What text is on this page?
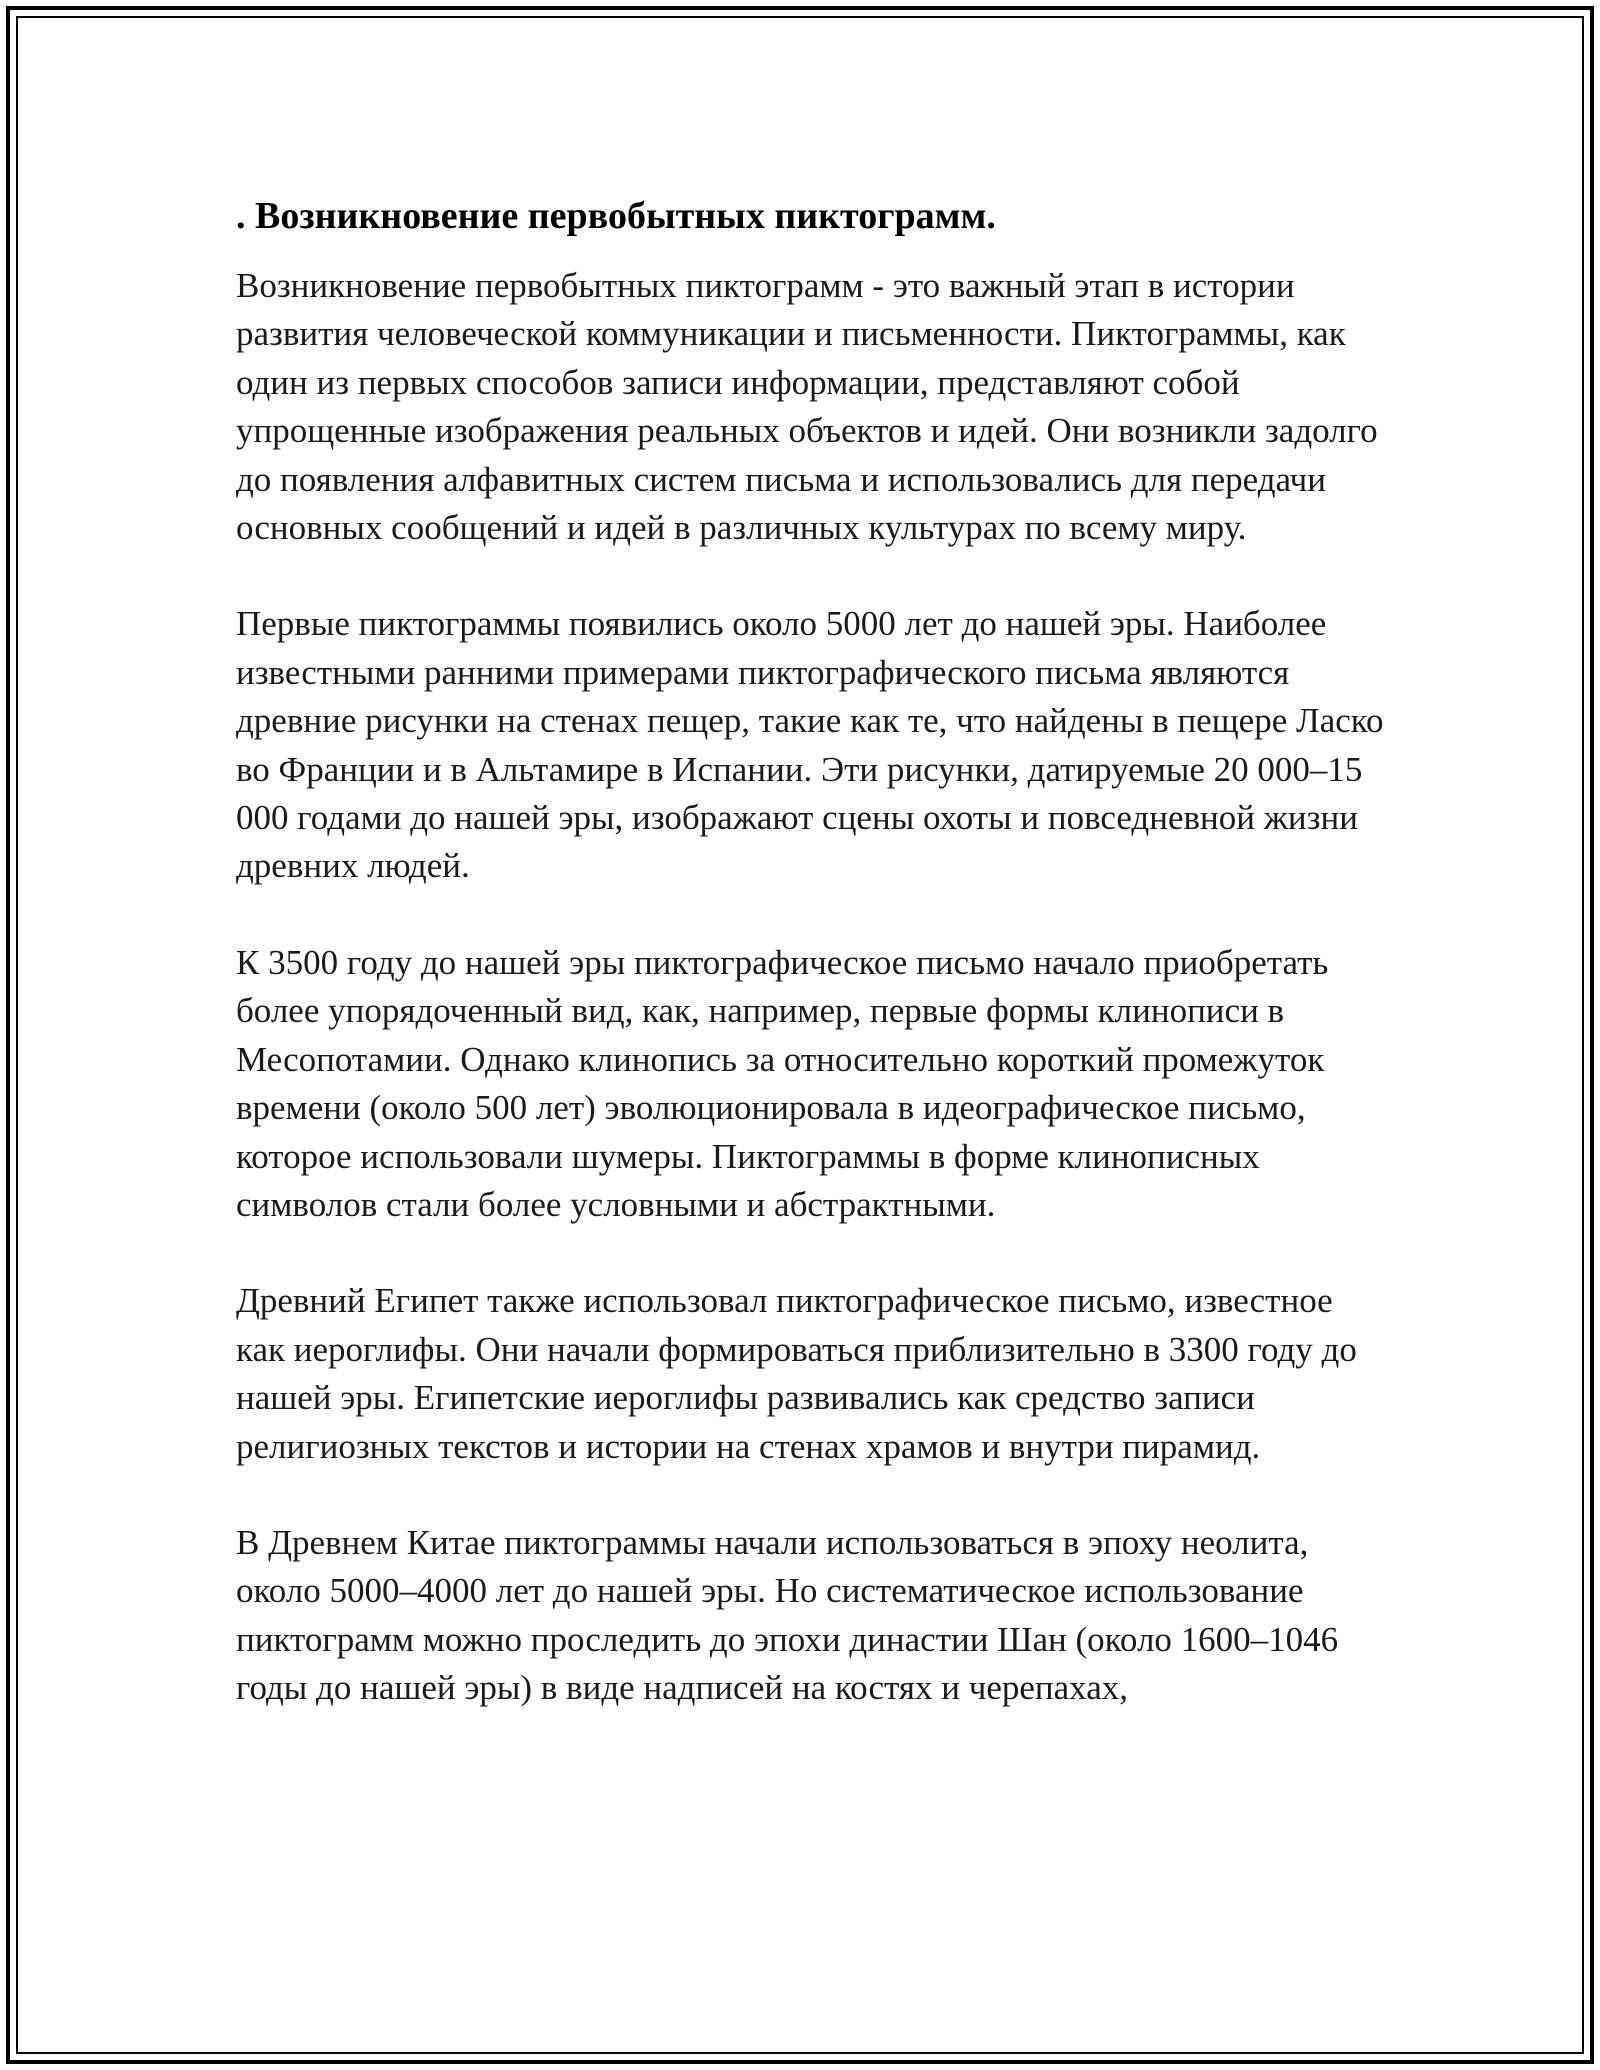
. Возникновение первобытных пиктограмм.

Возникновение первобытных пиктограмм - это важный этап в истории развития человеческой коммуникации и письменности. Пиктограммы, как один из первых способов записи информации, представляют собой упрощенные изображения реальных объектов и идей. Они возникли задолго до появления алфавитных систем письма и использовались для передачи основных сообщений и идей в различных культурах по всему миру.

Первые пиктограммы появились около 5000 лет до нашей эры. Наиболее известными ранними примерами пиктографического письма являются древние рисунки на стенах пещер, такие как те, что найдены в пещере Ласко во Франции и в Альтамире в Испании. Эти рисунки, датируемые 20 000–15 000 годами до нашей эры, изображают сцены охоты и повседневной жизни древних людей.

К 3500 году до нашей эры пиктографическое письмо начало приобретать более упорядоченный вид, как, например, первые формы клинописи в Месопотамии. Однако клинопись за относительно короткий промежуток времени (около 500 лет) эволюционировала в идеографическое письмо, которое использовали шумеры. Пиктограммы в форме клинописных символов стали более условными и абстрактными.

Древний Египет также использовал пиктографическое письмо, известное как иероглифы. Они начали формироваться приблизительно в 3300 году до нашей эры. Египетские иероглифы развивались как средство записи религиозных текстов и истории на стенах храмов и внутри пирамид.

В Древнем Китае пиктограммы начали использоваться в эпоху неолита, около 5000–4000 лет до нашей эры. Но систематическое использование пиктограмм можно проследить до эпохи династии Шан (около 1600–1046 годы до нашей эры) в виде надписей на костях и черепахах,
